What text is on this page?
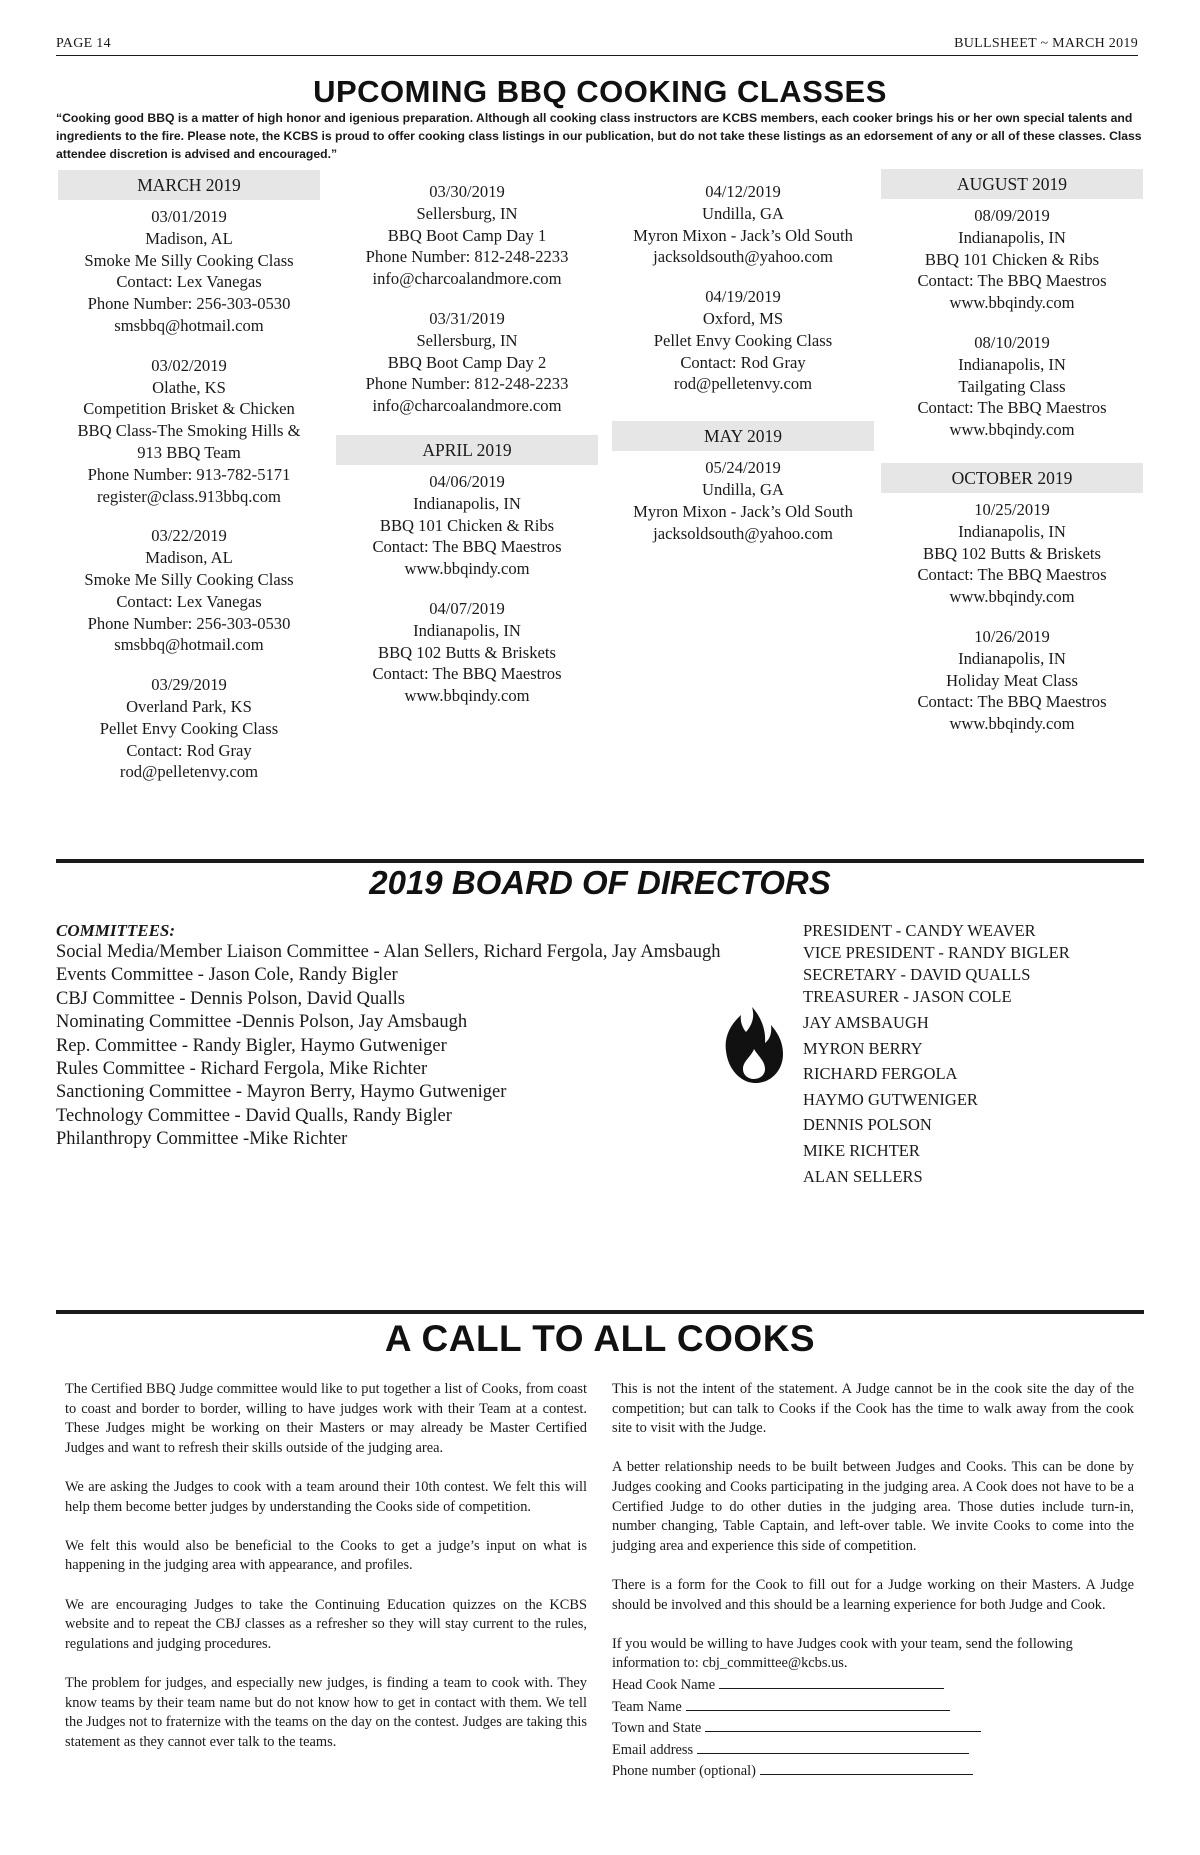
PAGE 14	BULLSHEET ~ MARCH 2019
UPCOMING BBQ COOKING CLASSES
“Cooking good BBQ is a matter of high honor and igenious preparation. Although all cooking class instructors are KCBS members, each cooker brings his or her own special talents and ingredients to the fire. Please note, the KCBS is proud to offer cooking class listings in our publication, but do not take these listings as an edorsement of any or all of these classes. Class attendee discretion is advised and encouraged.”
MARCH 2019
03/01/2019
Madison, AL
Smoke Me Silly Cooking Class
Contact: Lex Vanegas
Phone Number: 256-303-0530
smsbbq@hotmail.com
03/02/2019
Olathe, KS
Competition Brisket & Chicken
BBQ Class-The Smoking Hills &
913 BBQ Team
Phone Number: 913-782-5171
register@class.913bbq.com
03/22/2019
Madison, AL
Smoke Me Silly Cooking Class
Contact: Lex Vanegas
Phone Number: 256-303-0530
smsbbq@hotmail.com
03/29/2019
Overland Park, KS
Pellet Envy Cooking Class
Contact: Rod Gray
rod@pelletenvy.com
03/30/2019
Sellersburg, IN
BBQ Boot Camp Day 1
Phone Number: 812-248-2233
info@charcoalandmore.com
03/31/2019
Sellersburg, IN
BBQ Boot Camp Day 2
Phone Number: 812-248-2233
info@charcoalandmore.com
APRIL 2019
04/06/2019
Indianapolis, IN
BBQ 101 Chicken & Ribs
Contact: The BBQ Maestros
www.bbqindy.com
04/07/2019
Indianapolis, IN
BBQ 102 Butts & Briskets
Contact: The BBQ Maestros
www.bbqindy.com
04/12/2019
Undilla, GA
Myron Mixon - Jack’s Old South
jacksoldsouth@yahoo.com
04/19/2019
Oxford, MS
Pellet Envy Cooking Class
Contact: Rod Gray
rod@pelletenvy.com
MAY 2019
05/24/2019
Undilla, GA
Myron Mixon - Jack’s Old South
jacksoldsouth@yahoo.com
AUGUST 2019
08/09/2019
Indianapolis, IN
BBQ 101 Chicken & Ribs
Contact: The BBQ Maestros
www.bbqindy.com
08/10/2019
Indianapolis, IN
Tailgating Class
Contact: The BBQ Maestros
www.bbqindy.com
OCTOBER 2019
10/25/2019
Indianapolis, IN
BBQ 102 Butts & Briskets
Contact: The BBQ Maestros
www.bbqindy.com
10/26/2019
Indianapolis, IN
Holiday Meat Class
Contact: The BBQ Maestros
www.bbqindy.com
2019 BOARD OF DIRECTORS
COMMITTEES:
Social Media/Member Liaison Committee - Alan Sellers, Richard Fergola, Jay Amsbaugh
Events Committee - Jason Cole, Randy Bigler
CBJ Committee - Dennis Polson, David Qualls
Nominating Committee -Dennis Polson, Jay Amsbaugh
Rep. Committee - Randy Bigler, Haymo Gutweniger
Rules Committee - Richard Fergola, Mike Richter
Sanctioning Committee - Mayron Berry, Haymo Gutweniger
Technology Committee - David Qualls, Randy Bigler
Philanthropy Committee -Mike Richter
PRESIDENT - CANDY WEAVER
VICE PRESIDENT - RANDY BIGLER
SECRETARY - DAVID QUALLS
TREASURER - JASON COLE
JAY AMSBAUGH
MYRON BERRY
RICHARD FERGOLA
HAYMO GUTWENIGER
DENNIS POLSON
MIKE RICHTER
ALAN SELLERS
A CALL TO ALL COOKS

The Certified BBQ Judge committee would like to put together a list of Cooks, from coast to coast and border to border, willing to have judges work with their Team at a contest. These Judges might be working on their Masters or may already be Master Certified Judges and want to refresh their skills outside of the judging area.

We are asking the Judges to cook with a team around their 10th contest. We felt this will help them become better judges by understanding the Cooks side of competition.

We felt this would also be beneficial to the Cooks to get a judge’s input on what is happening in the judging area with appearance, and profiles.

We are encouraging Judges to take the Continuing Education quizzes on the KCBS website and to repeat the CBJ classes as a refresher so they will stay current to the rules, regulations and judging procedures.

The problem for judges, and especially new judges, is finding a team to cook with. They know teams by their team name but do not know how to get in contact with them. We tell the Judges not to fraternize with the teams on the day on the contest. Judges are taking this statement as they cannot ever talk to the teams.

This is not the intent of the statement. A Judge cannot be in the cook site the day of the competition; but can talk to Cooks if the Cook has the time to walk away from the cook site to visit with the Judge.

A better relationship needs to be built between Judges and Cooks. This can be done by Judges cooking and Cooks participating in the judging area. A Cook does not have to be a Certified Judge to do other duties in the judging area. Those duties include turn-in, number changing, Table Captain, and left-over table. We invite Cooks to come into the judging area and experience this side of competition.

There is a form for the Cook to fill out for a Judge working on their Masters. A Judge should be involved and this should be a learning experience for both Judge and Cook.

If you would be willing to have Judges cook with your team, send the following
information to: cbj_committee@kcbs.us.
Head Cook Name
Team Name
Town and State
Email address
Phone number (optional)
